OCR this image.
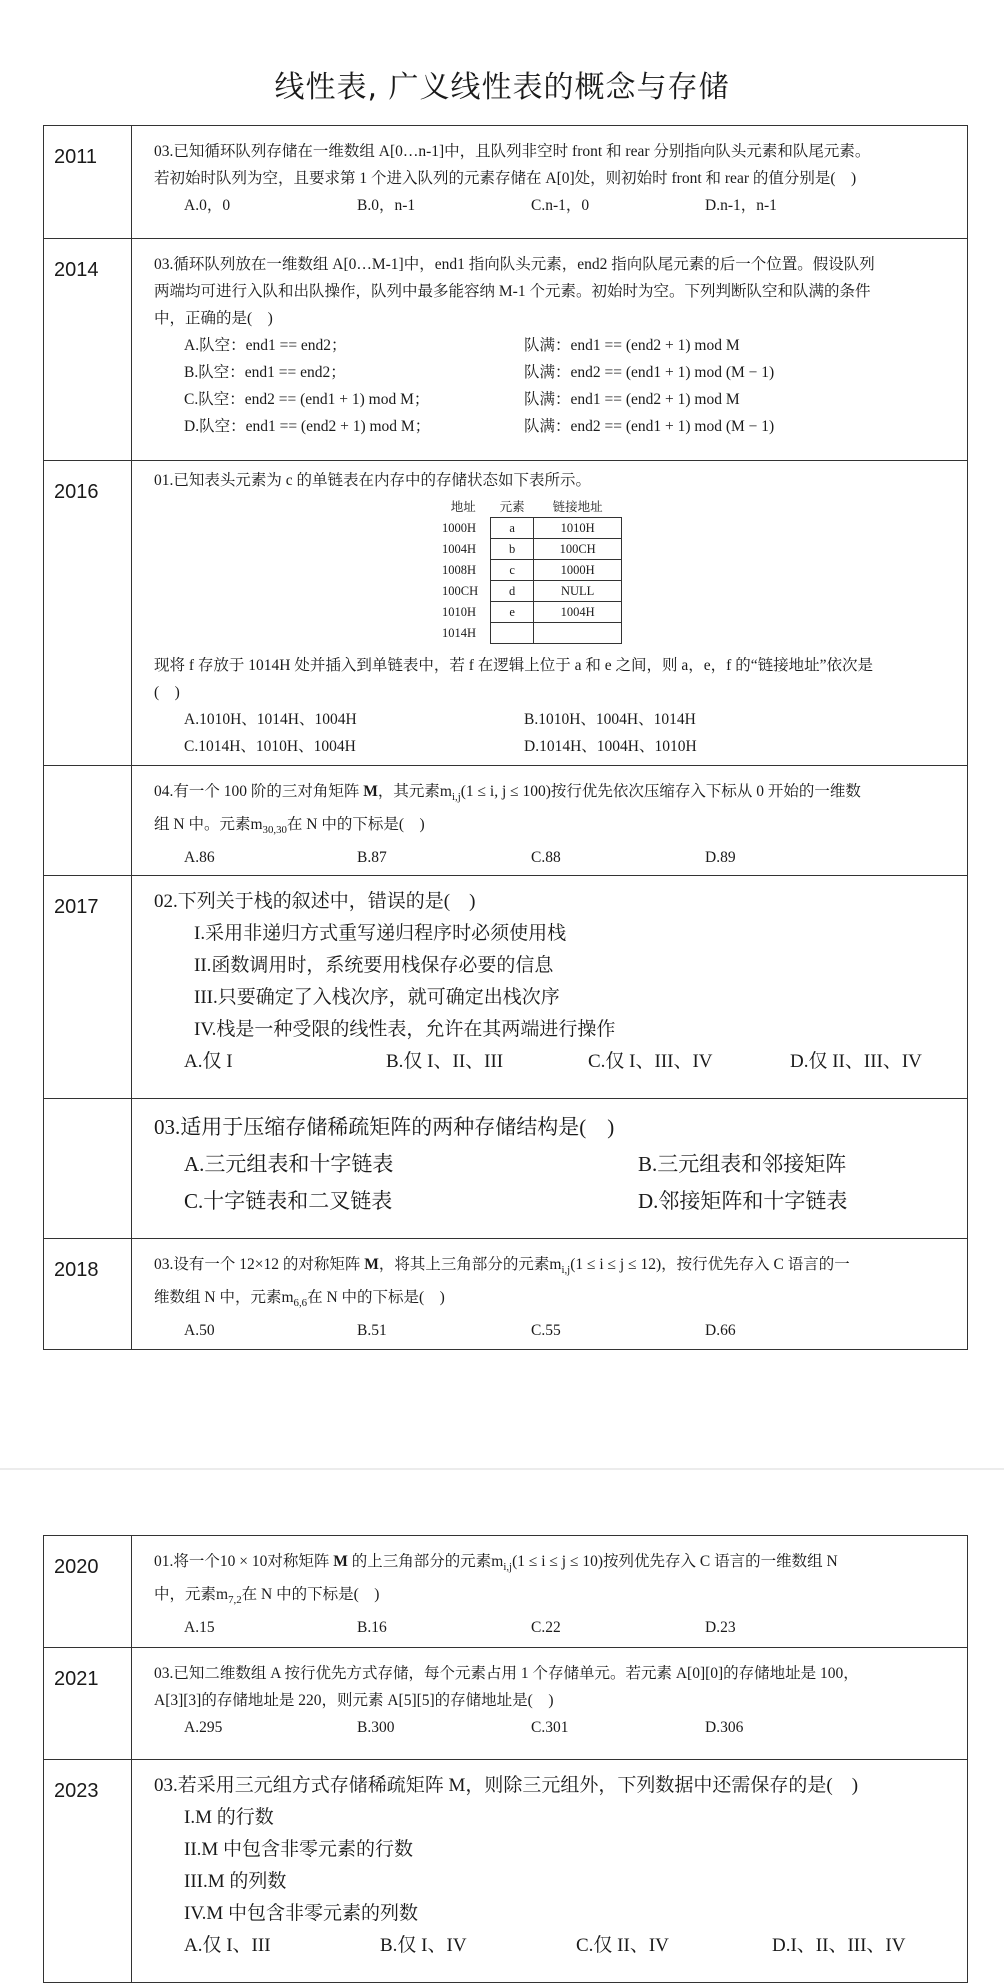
线性表, 广义线性表的概念与存储
2011	03.已知循环队列存储在一维数组 A[0…n-1]中，且队列非空时 front 和 rear 分别指向队头元素和队尾元素。
若初始时队列为空，且要求第 1 个进入队列的元素存储在 A[0]处，则初始时 front 和 rear 的值分别是(　)
A.0，0	B.0，n-1	C.n-1，0	D.n-1，n-1
2014	03.循环队列放在一维数组 A[0…M-1]中，end1 指向队头元素，end2 指向队尾元素的后一个位置。假设队列
两端均可进行入队和出队操作，队列中最多能容纳 M-1 个元素。初始时为空。下列判断队空和队满的条件
中，正确的是(　)
A.队空：end1 == end2；	队满：end1 == (end2 + 1) mod M
B.队空：end1 == end2；	队满：end2 == (end1 + 1) mod (M − 1)
C.队空：end2 == (end1 + 1) mod M；	队满：end1 == (end2 + 1) mod M
D.队空：end1 == (end2 + 1) mod M；	队满：end2 == (end1 + 1) mod (M − 1)
2016
01.已知表头元素为 c 的单链表在内存中的存储状态如下表所示。
地址	元素	链接地址
1000H	a	1010H
1004H	b	100CH
1008H	c	1000H
100CH	d	NULL
1010H	e	1004H
1014H		
现将 f 存放于 1014H 处并插入到单链表中，若 f 在逻辑上位于 a 和 e 之间，则 a，e，f 的“链接地址”依次是
(　)
A.1010H、1014H、1004H	B.1010H、1004H、1014H
C.1014H、1010H、1004H	D.1014H、1004H、1010H
04.有一个 100 阶的三对角矩阵 M，其元素$m_{i,j}(1 \le i$, j ≤ 100)按行优先依次压缩存入下标从 0 开始的一维数
组 N 中。元素$m_{30,30}$在 N 中的下标是(　)
A.86	B.87	C.88	D.89
2017	02.下列关于栈的叙述中，错误的是(　)
I.采用非递归方式重写递归程序时必须使用栈
II.函数调用时，系统要用栈保存必要的信息
III.只要确定了入栈次序，就可确定出栈次序
IV.栈是一种受限的线性表，允许在其两端进行操作
A.仅 I	B.仅 I、II、III	C.仅 I、III、IV	D.仅 II、III、IV
03.适用于压缩存储稀疏矩阵的两种存储结构是(　)
A.三元组表和十字链表	B.三元组表和邻接矩阵
C.十字链表和二叉链表	D.邻接矩阵和十字链表
2018	03.设有一个 12×12 的对称矩阵 M，将其上三角部分的元素$m_{i,j}(1 \le i \le j \le 12)$，按行优先存入 C 语言的一
维数组 N 中，元素$m_{6,6}$在 N 中的下标是(　)
A.50	B.51	C.55	D.66
2020	01.将一个10 × 10对称矩阵 M 的上三角部分的元素$m_{i,j}(1 \le i \le j \le 10)$按列优先存入 C 语言的一维数组 N
中，元素$m_{7,2}$在 N 中的下标是(　)
A.15	B.16	C.22	D.23
2021	03.已知二维数组 A 按行优先方式存储，每个元素占用 1 个存储单元。若元素 A[0][0]的存储地址是 100，
A[3][3]的存储地址是 220，则元素 A[5][5]的存储地址是(　)
A.295	B.300	C.301	D.306
2023	03.若采用三元组方式存储稀疏矩阵 M，则除三元组外，下列数据中还需保存的是(　)
I.M 的行数
II.M 中包含非零元素的行数
III.M 的列数
IV.M 中包含非零元素的列数
A.仅 I、III	B.仅 I、IV	C.仅 II、IV	D.I、II、III、IV
